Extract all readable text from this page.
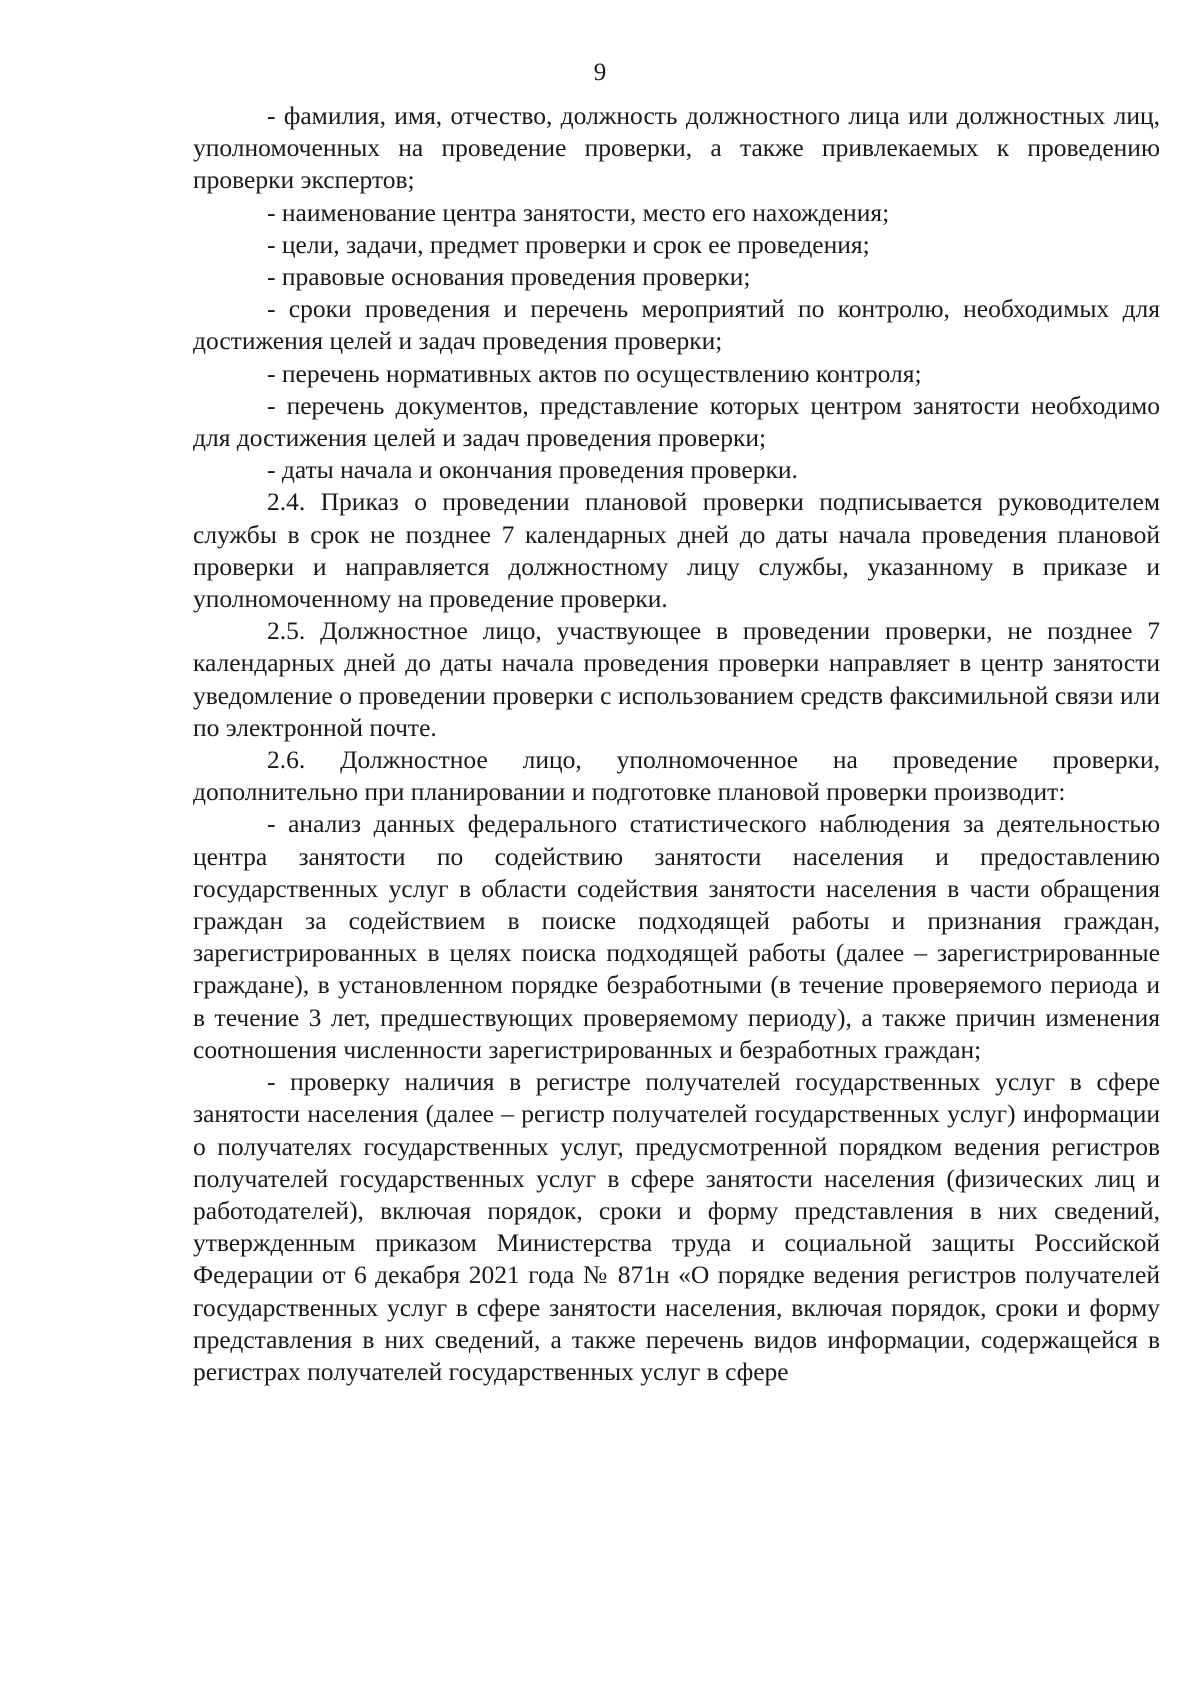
9

- фамилия, имя, отчество, должность должностного лица или должностных лиц, уполномоченных на проведение проверки, а также привлекаемых к проведению проверки экспертов;

- наименование центра занятости, место его нахождения;

- цели, задачи, предмет проверки и срок ее проведения;

- правовые основания проведения проверки;

- сроки проведения и перечень мероприятий по контролю, необходимых для достижения целей и задач проведения проверки;

- перечень нормативных актов по осуществлению контроля;

- перечень документов, представление которых центром занятости необходимо для достижения целей и задач проведения проверки;

- даты начала и окончания проведения проверки.

2.4. Приказ о проведении плановой проверки подписывается руководителем службы в срок не позднее 7 календарных дней до даты начала проведения плановой проверки и направляется должностному лицу службы, указанному в приказе и уполномоченному на проведение проверки.

2.5. Должностное лицо, участвующее в проведении проверки, не позднее 7 календарных дней до даты начала проведения проверки направляет в центр занятости уведомление о проведении проверки с использованием средств факсимильной связи или по электронной почте.

2.6. Должностное лицо, уполномоченное на проведение проверки, дополнительно при планировании и подготовке плановой проверки производит:

- анализ данных федерального статистического наблюдения за деятельностью центра занятости по содействию занятости населения и предоставлению государственных услуг в области содействия занятости населения в части обращения граждан за содействием в поиске подходящей работы и признания граждан, зарегистрированных в целях поиска подходящей работы (далее – зарегистрированные граждане), в установленном порядке безработными (в течение проверяемого периода и в течение 3 лет, предшествующих проверяемому периоду), а также причин изменения соотношения численности зарегистрированных и безработных граждан;

- проверку наличия в регистре получателей государственных услуг в сфере занятости населения (далее – регистр получателей государственных услуг) информации о получателях государственных услуг, предусмотренной порядком ведения регистров получателей государственных услуг в сфере занятости населения (физических лиц и работодателей), включая порядок, сроки и форму представления в них сведений, утвержденным приказом Министерства труда и социальной защиты Российской Федерации от 6 декабря 2021 года № 871н «О порядке ведения регистров получателей государственных услуг в сфере занятости населения, включая порядок, сроки и форму представления в них сведений, а также перечень видов информации, содержащейся в регистрах получателей государственных услуг в сфере
